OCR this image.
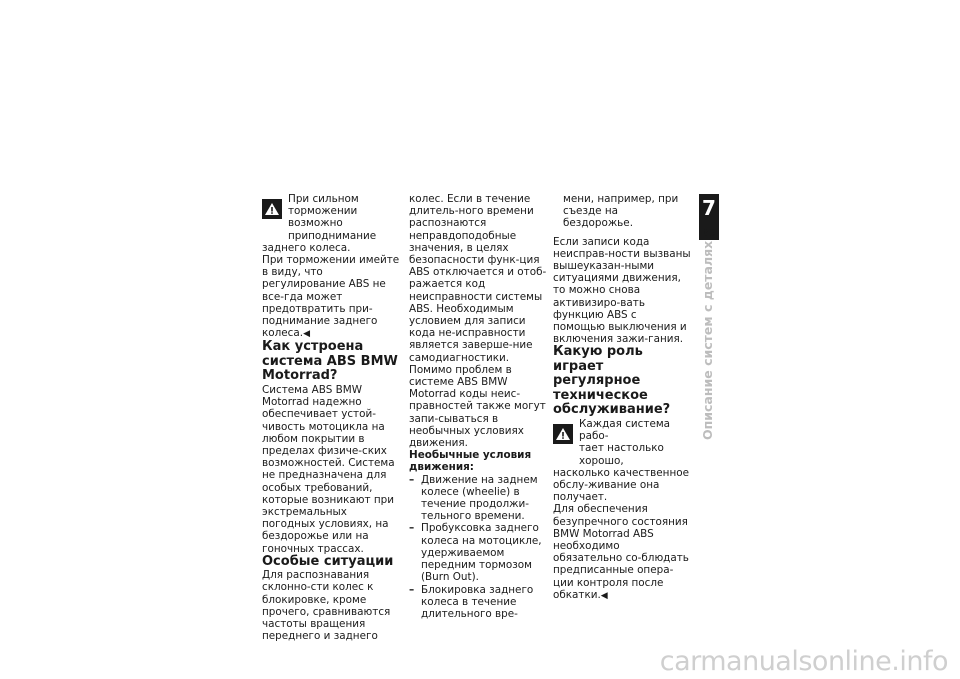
При сильном торможении

возможно приподнимание

заднего колеса.

При торможении имейте в виду, что регулирование ABS не все-гда может предотвратить при-поднимание заднего колеса.◀

Как устроена система ABS BMW Motorrad?

Система ABS BMW Motorrad надежно обеспечивает устой-чивость мотоцикла на любом покрытии в пределах физиче-ских возможностей. Система не предназначена для особых требований, которые возникают при экстремальных погодных условиях, на бездорожье или на гоночных трассах.

Особые ситуации

Для распознавания склонно-сти колес к блокировке, кроме прочего, сравниваются частоты вращения переднего и заднего

колес. Если в течение длитель-ного времени распознаются неправдоподобные значения, в целях безопасности функ-ция ABS отключается и отоб-ражается код неисправности системы ABS. Необходимым условием для записи кода не-исправности является заверше-ние самодиагностики.

Помимо проблем в системе ABS BMW Motorrad коды неис-правностей также могут запи-сываться в необычных условиях движения.

Необычные условия движения:

– Движение на заднем колесе (wheelie) в течение продолжи-тельного времени.
– Пробуксовка заднего колеса на мотоцикле, удерживаемом передним тормозом (Burn Out).
– Блокировка заднего колеса в течение длительного вре-

мени, например, при съезде на бездорожье.

Если записи кода неисправ-ности вызваны вышеуказан-ными ситуациями движения, то можно снова активизиро-вать функцию ABS с помощью выключения и включения зажи-гания.

Какую роль играет регулярное техническое обслуживание?

Каждая система рабо-

тает настолько хорошо,

насколько качественное обслу-живание она получает.

Для обеспечения безупречного состояния BMW Motorrad ABS необходимо обязательно со-блюдать предписанные опера-ции контроля после обкатки.◀

7
83
Описание систем с деталях
carmanualsonline.info
